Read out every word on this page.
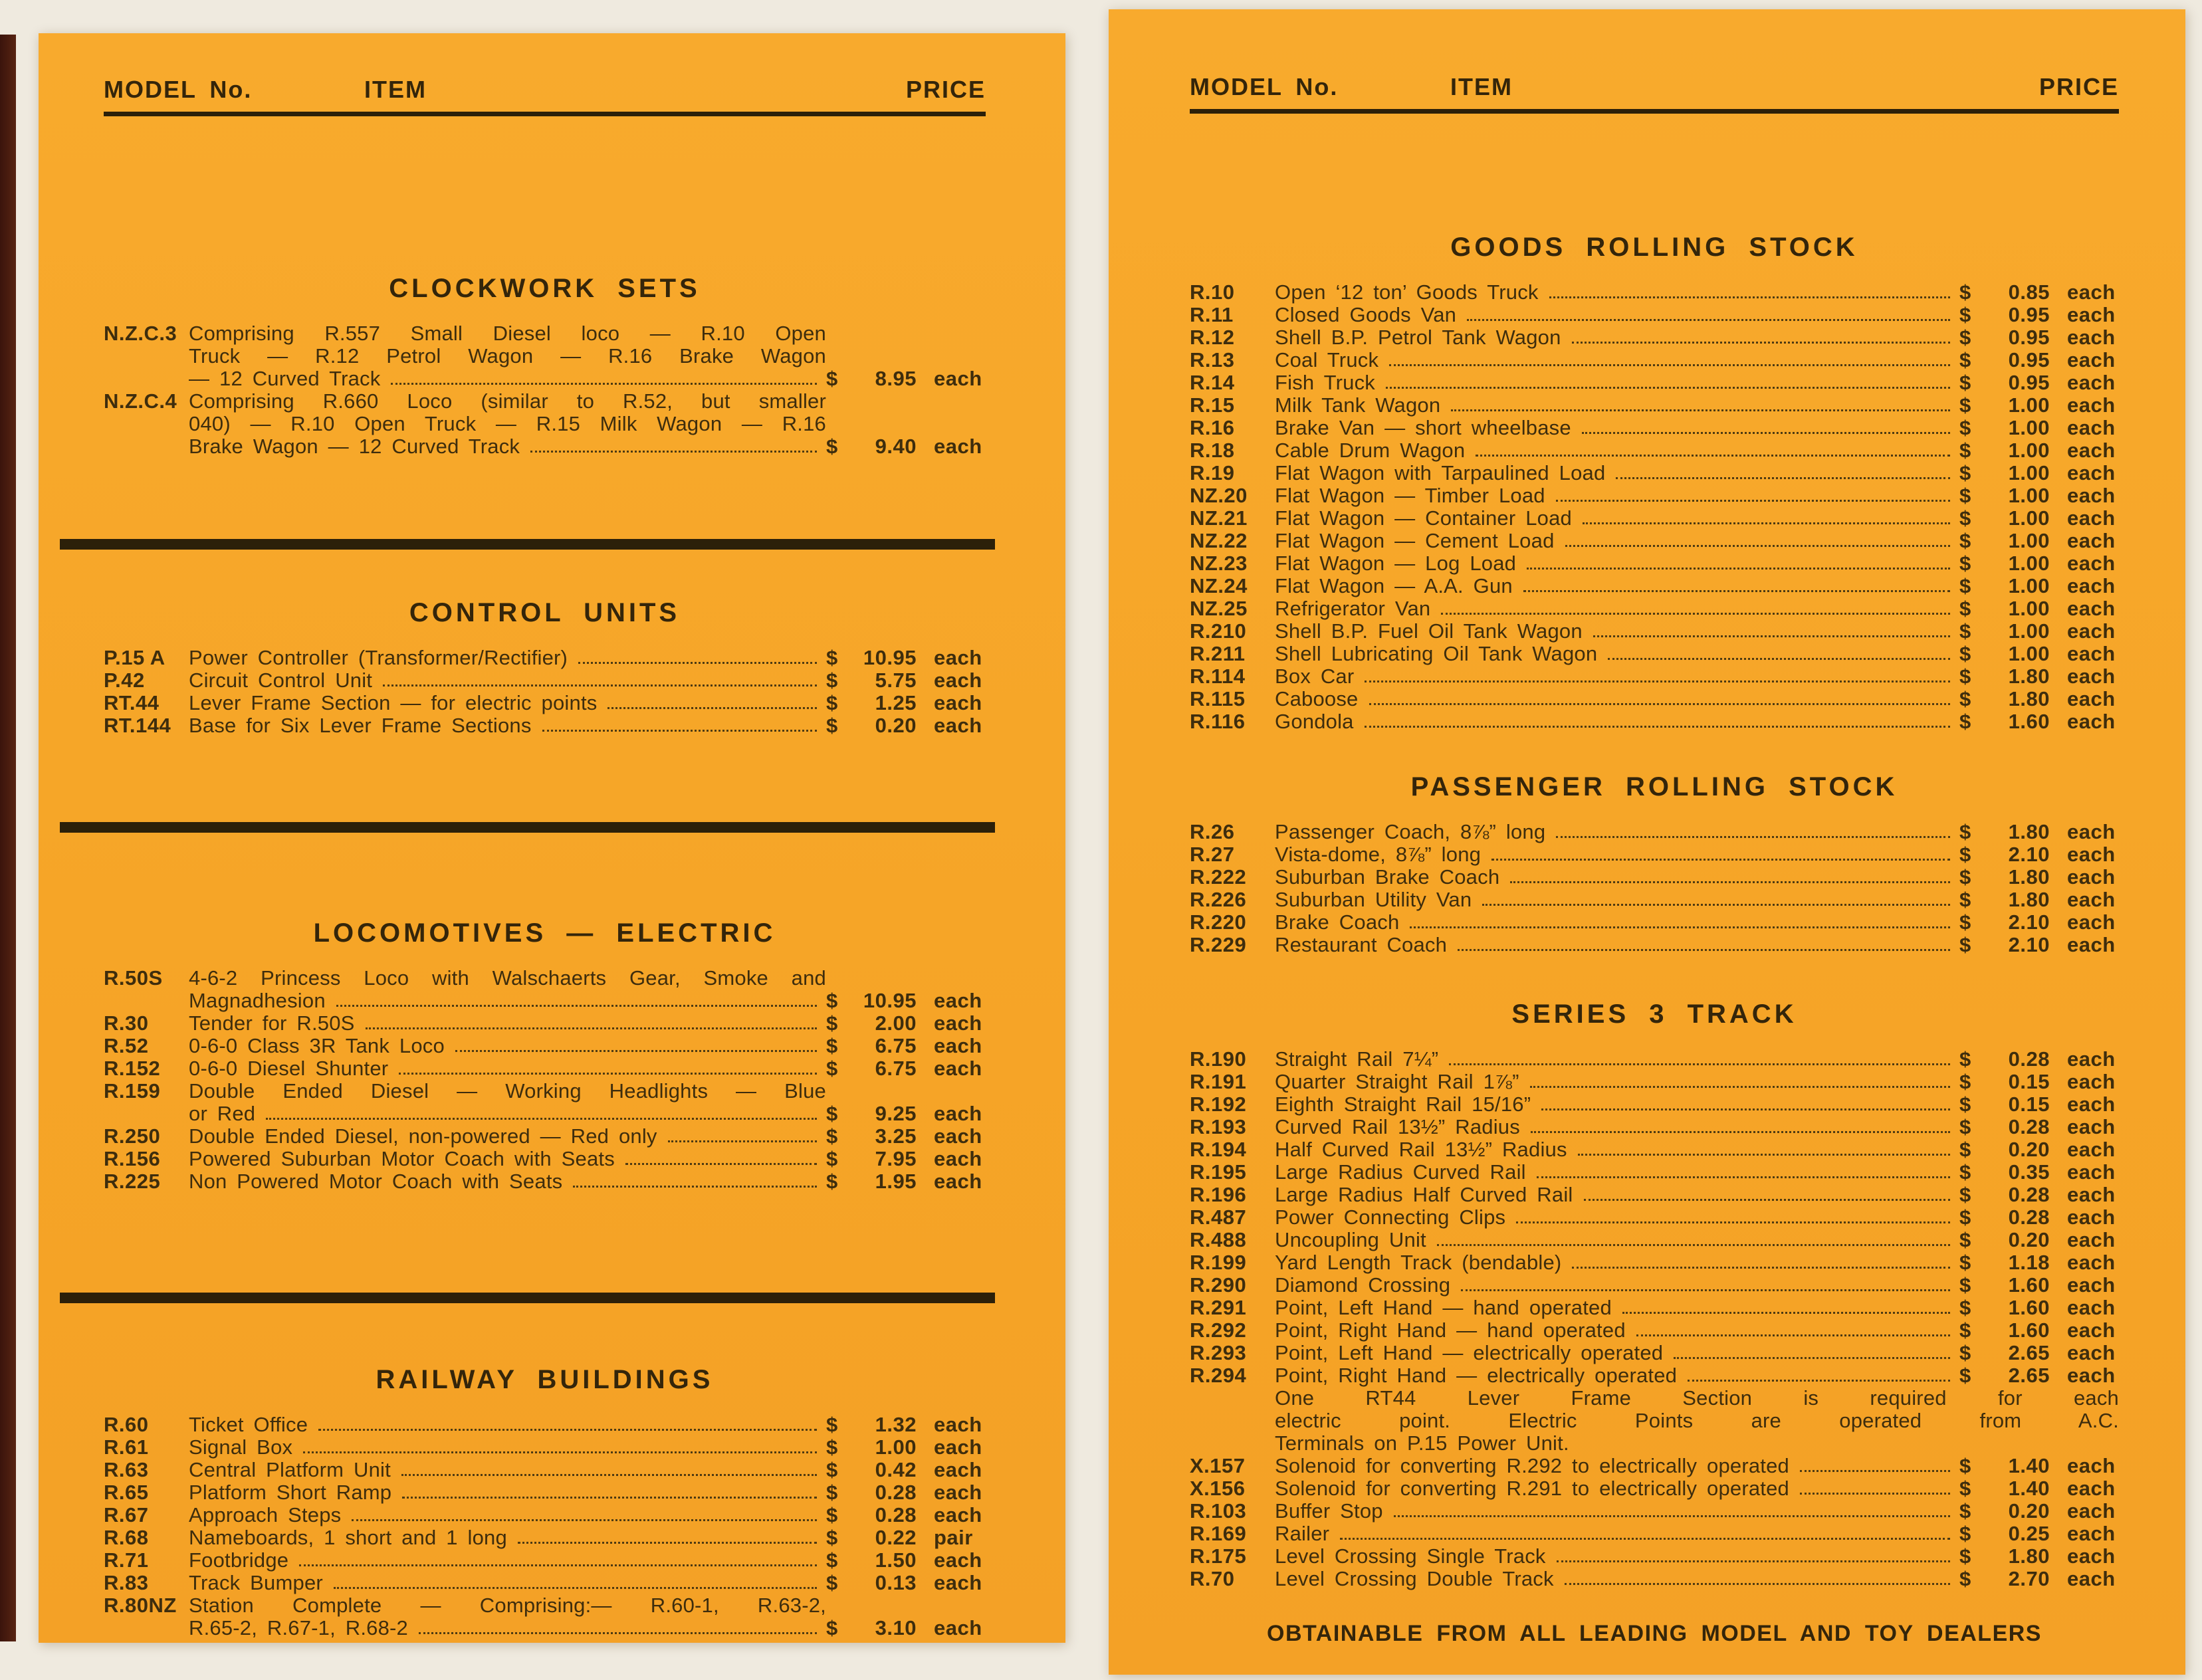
MODEL No.	ITEM	PRICE
CLOCKWORK SETS
N.Z.C.3 Comprising R.557 Small Diesel loco — R.10 Open
Truck — R.12 Petrol Wagon — R.16 Brake Wagon
— 12 Curved Track	$	8.95 each
N.Z.C.4 Comprising R.660 Loco (similar to R.52, but smaller
040) — R.10 Open Truck — R.15 Milk Wagon — R.16
Brake Wagon — 12 Curved Track	$	9.40 each
CONTROL UNITS
P.15 A	Power Controller (Transformer/Rectifier)	$	10.95 each
P.42	Circuit Control Unit	$	5.75 each
RT.44	Lever Frame Section — for electric points	$	1.25 each
RT.144 Base for Six Lever Frame Sections	$	0.20 each
LOCOMOTIVES — ELECTRIC
R.50S	4-6-2 Princess Loco with Walschaerts Gear, Smoke and
Magnadhesion	$	10.95 each
R.30	Tender for R.50S	$	2.00 each
R.52	0-6-0 Class 3R Tank Loco	$	6.75 each
R.152	0-6-0 Diesel Shunter	$	6.75 each
R.159	Double Ended Diesel — Working Headlights — Blue
or Red	$	9.25 each
R.250	Double Ended Diesel, non-powered — Red only	$	3.25 each
R.156	Powered Suburban Motor Coach with Seats	$	7.95 each
R.225	Non Powered Motor Coach with Seats	$	1.95 each
RAILWAY BUILDINGS
R.60	Ticket Office	$	1.32 each
R.61	Signal Box	$	1.00 each
R.63	Central Platform Unit	$	0.42 each
R.65	Platform Short Ramp	$	0.28 each
R.67	Approach Steps	$	0.28 each
R.68	Nameboards, 1 short and 1 long	$	0.22 pair
R.71	Footbridge	$	1.50 each
R.83	Track Bumper	$	0.13 each
R.80NZ Station Complete — Comprising:— R.60-1, R.63-2,
R.65-2, R.67-1, R.68-2	$	3.10 each
MODEL No.	ITEM	PRICE
GOODS ROLLING STOCK
R.10	Open ‘12 ton’ Goods Truck	$	0.85 each
R.11	Closed Goods Van	$	0.95 each
R.12	Shell B.P. Petrol Tank Wagon	$	0.95 each
R.13	Coal Truck	$	0.95 each
R.14	Fish Truck	$	0.95 each
R.15	Milk Tank Wagon	$	1.00 each
R.16	Brake Van — short wheelbase	$	1.00 each
R.18	Cable Drum Wagon	$	1.00 each
R.19	Flat Wagon with Tarpaulined Load	$	1.00 each
NZ.20	Flat Wagon — Timber Load	$	1.00 each
NZ.21	Flat Wagon — Container Load	$	1.00 each
NZ.22	Flat Wagon — Cement Load	$	1.00 each
NZ.23	Flat Wagon — Log Load	$	1.00 each
NZ.24	Flat Wagon — A.A. Gun	$	1.00 each
NZ.25	Refrigerator Van	$	1.00 each
R.210	Shell B.P. Fuel Oil Tank Wagon	$	1.00 each
R.211	Shell Lubricating Oil Tank Wagon	$	1.00 each
R.114	Box Car	$	1.80 each
R.115	Caboose	$	1.80 each
R.116	Gondola	$	1.60 each
PASSENGER ROLLING STOCK
R.26	Passenger Coach, 8⅞” long	$	1.80 each
R.27	Vista-dome, 8⅞” long	$	2.10 each
R.222	Suburban Brake Coach	$	1.80 each
R.226	Suburban Utility Van	$	1.80 each
R.220	Brake Coach	$	2.10 each
R.229	Restaurant Coach	$	2.10 each
SERIES 3 TRACK
R.190	Straight Rail 7¼”	$	0.28 each
R.191	Quarter Straight Rail 1⅞”	$	0.15 each
R.192	Eighth Straight Rail 15/16”	$	0.15 each
R.193	Curved Rail 13½” Radius	$	0.28 each
R.194	Half Curved Rail 13½” Radius	$	0.20 each
R.195	Large Radius Curved Rail	$	0.35 each
R.196	Large Radius Half Curved Rail	$	0.28 each
R.487	Power Connecting Clips	$	0.28 each
R.488	Uncoupling Unit	$	0.20 each
R.199	Yard Length Track (bendable)	$	1.18 each
R.290	Diamond Crossing	$	1.60 each
R.291	Point, Left Hand — hand operated	$	1.60 each
R.292	Point, Right Hand — hand operated	$	1.60 each
R.293	Point, Left Hand — electrically operated	$	2.65 each
R.294	Point, Right Hand — electrically operated	$	2.65 each
One RT44 Lever Frame Section is required for each
electric point. Electric Points are operated from A.C.
Terminals on P.15 Power Unit.
X.157	Solenoid for converting R.292 to electrically operated	$	1.40 each
X.156	Solenoid for converting R.291 to electrically operated	$	1.40 each
R.103	Buffer Stop	$	0.20 each
R.169	Railer	$	0.25 each
R.175	Level Crossing Single Track	$	1.80 each
R.70	Level Crossing Double Track	$	2.70 each
OBTAINABLE FROM ALL LEADING MODEL AND TOY DEALERS
